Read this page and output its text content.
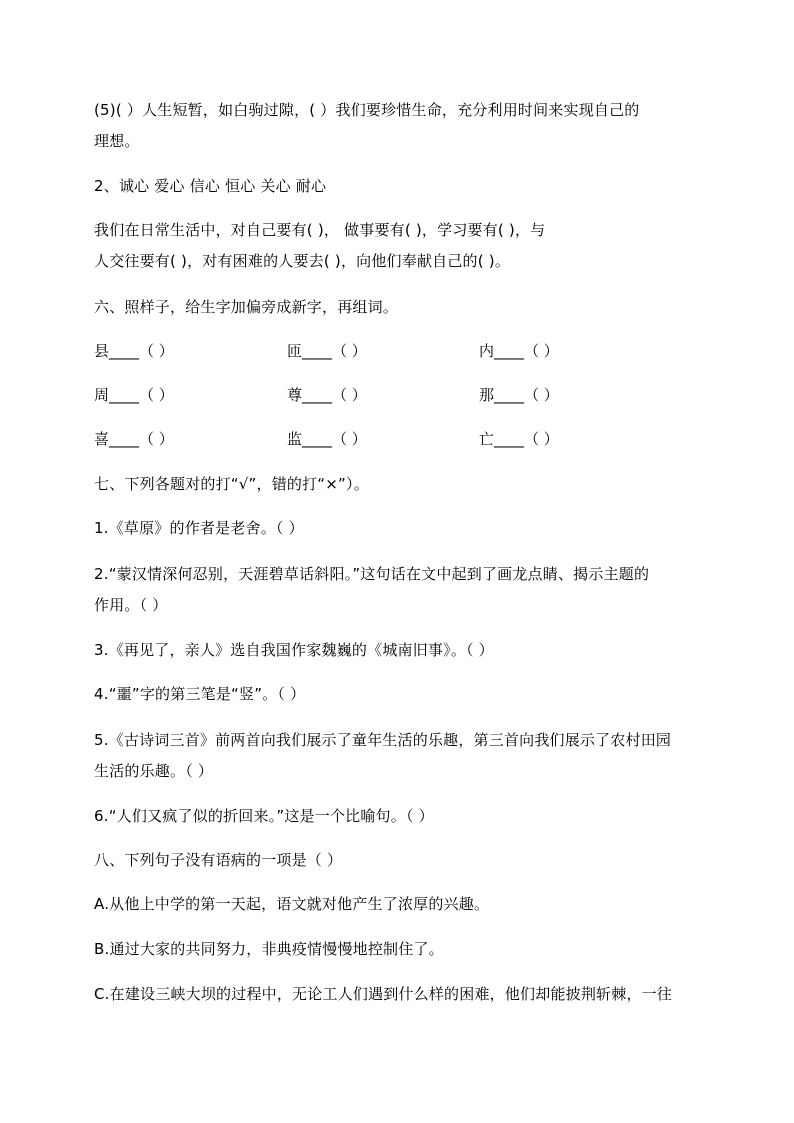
(5)( ）人生短暂，如白驹过隙，( ）我们要珍惜生命，充分利用时间来实现自己的
理想。
2、诚心 爱心 信心 恒心 关心 耐心
我们在日常生活中，对自己要有( )， 做事要有( )，学习要有( )，与
人交往要有( )，对有困难的人要去( )，向他们奉献自己的( )。
六、照样子，给生字加偏旁成新字，再组词。
县____（ ）	匝____（ ）	内____（ ）
周____（ ）	尊____（ ）	那____（ ）
喜____（ ）	监____（ ）	亡____（ ）
七、下列各题对的打“√”，错的打“×”）。
1.《草原》的作者是老舍。（ ）
2.“蒙汉情深何忍别，天涯碧草话斜阳。”这句话在文中起到了画龙点睛、揭示主题的
作用。（ ）
3.《再见了，亲人》选自我国作家魏巍的《城南旧事》。（ ）
4.“噩”字的第三笔是“竖”。（ ）
5.《古诗词三首》前两首向我们展示了童年生活的乐趣，第三首向我们展示了农村田园
生活的乐趣。（ ）
6.“人们又疯了似的折回来。”这是一个比喻句。（ ）
八、下列句子没有语病的一项是（ ）
A.从他上中学的第一天起，语文就对他产生了浓厚的兴趣。
B.通过大家的共同努力，非典疫情慢慢地控制住了。
C.在建设三峡大坝的过程中，无论工人们遇到什么样的困难，他们却能披荆斩棘，一往
